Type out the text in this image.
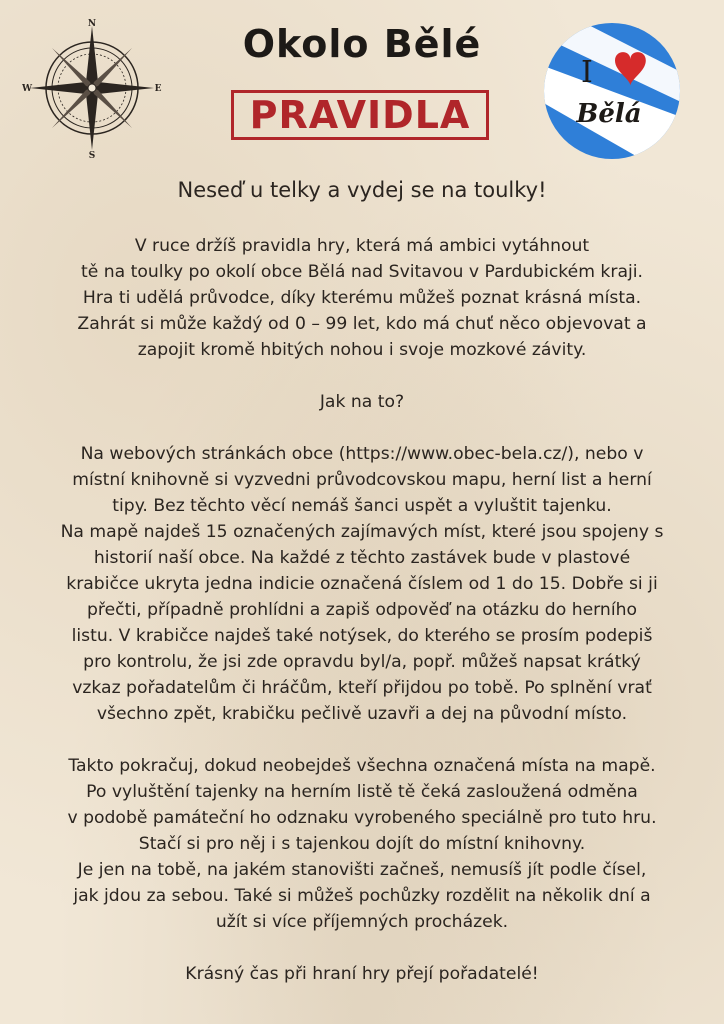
N
S
E
W
Okolo Bělé
PRAVIDLA
I
Bělá
Neseď u telky a vydej se na toulky!
V ruce držíš pravidla hry, která má ambici vytáhnout
tě na toulky po okolí obce Bělá nad Svitavou v Pardubickém kraji.
Hra ti udělá průvodce, díky kterému můžeš poznat krásná místa.
Zahrát si může každý od 0 – 99 let, kdo má chuť něco objevovat a
zapojit kromě hbitých nohou i svoje mozkové závity.
Jak na to?
Na webových stránkách obce (https://www.obec-bela.cz/), nebo v
místní knihovně si vyzvedni průvodcovskou mapu, herní list a herní
tipy. Bez těchto věcí nemáš šanci uspět a vyluštit tajenku.
Na mapě najdeš 15 označených zajímavých míst, které jsou spojeny s
historií naší obce. Na každé z těchto zastávek bude v plastové
krabičce ukryta jedna indicie označená číslem od 1 do 15. Dobře si ji
přečti, případně prohlídni a zapiš odpověď na otázku do herního
listu. V krabičce najdeš také notýsek, do kterého se prosím podepiš
pro kontrolu, že jsi zde opravdu byl/a, popř. můžeš napsat krátký
vzkaz pořadatelům či hráčům, kteří přijdou po tobě. Po splnění vrať
všechno zpět, krabičku pečlivě uzavři a dej na původní místo.
Takto pokračuj, dokud neobejdeš všechna označená místa na mapě.
Po vyluštění tajenky na herním listě tě čeká zasloužená odměna
v podobě památeční ho odznaku vyrobeného speciálně pro tuto hru.
Stačí si pro něj i s tajenkou dojít do místní knihovny.
Je jen na tobě, na jakém stanovišti začneš, nemusíš jít podle čísel,
jak jdou za sebou. Také si můžeš pochůzky rozdělit na několik dní a
užít si více příjemných procházek.
Krásný čas při hraní hry přejí pořadatelé!
